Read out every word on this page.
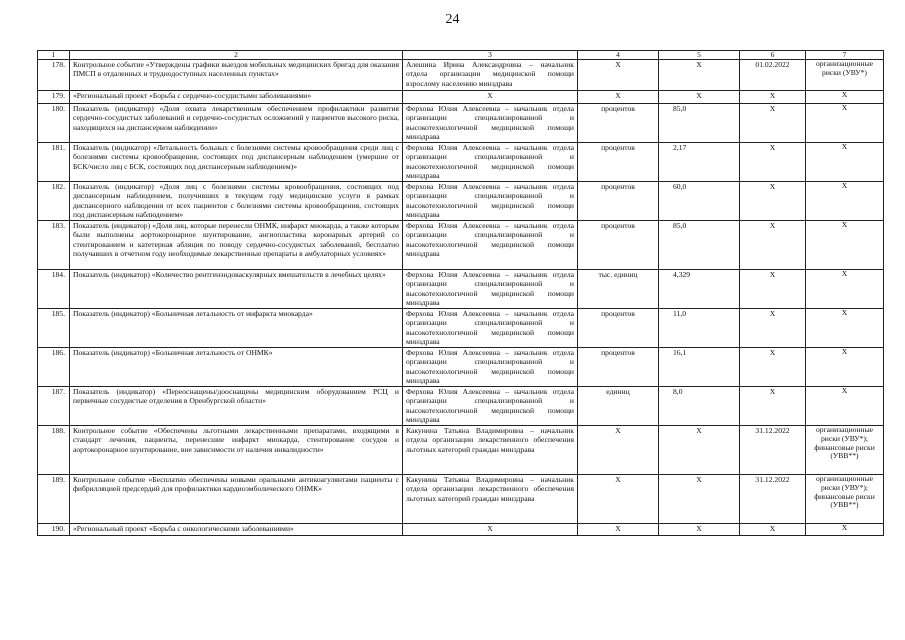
24
1	2	3	4	5	6	7
178.	Контрольное событие «Утверждены графики выездов мобильных медицинских бригад для оказания ПМСП в отдаленных и труднодоступных населенных пунктах»	Алешина Ирина Александровна – начальник отдела организации медицинской помощи взрослому населению минздрава	X	X	01.02.2022	организационные риски (УВУ*)
179.	«Региональный проект «Борьба с сердечно-сосудистыми заболеваниями»	X	X	X	X	X
180.	Показатель (индикатор) «Доля охвата лекарственным обеспечением профилактики развития сердечно-сосудистых заболеваний и сердечно-сосудистых осложнений у пациентов высокого риска, находящихся на диспансерном наблюдении»	Ферхова Юлия Алексеевна – начальник отдела организации специализированной и высокотехнологичной медицинской помощи минздрава	процентов	85,0	X	X
181.	Показатель (индикатор) «Летальность больных с болезнями системы кровообращения среди лиц с болезнями системы кровообращения, состоящих под диспансерным наблюдением (умершие от БСК/число лиц с БСК, состоящих под диспансерным наблюдением)»	Ферхова Юлия Алексеевна – начальник отдела организации специализированной и высокотехнологичной медицинской помощи минздрава	процентов	2,17	X	X
182.	Показатель (индикатор) «Доля лиц с болезнями системы кровообращения, состоящих под диспансерным наблюдением, получивших в текущем году медицинские услуги в рамках диспансерного наблюдения от всех пациентов с болезнями системы кровообращения, состоящих под диспансерным наблюдением»	Ферхова Юлия Алексеевна – начальник отдела организации специализированной и высокотехнологичной медицинской помощи минздрава	процентов	60,0	X	X
183.	Показатель (индикатор) «Доля лиц, которые перенесли ОНМК, инфаркт миокарда, а также которым были выполнены аортокоронарное шунтирование, ангиопластика коронарных артерий со стентированием и катетерная абляция по поводу сердечно-сосудистых заболеваний, бесплатно получавших в отчетном году необходимые лекарственные препараты в амбулаторных условиях»	Ферхова Юлия Алексеевна – начальник отдела организации специализированной и высокотехнологичной медицинской помощи минздрава	процентов	85,0	X	X
184.	Показатель (индикатор) «Количество рентгенэндоваскулярных вмешательств в лечебных целях»	Ферхова Юлия Алексеевна – начальник отдела организации специализированной и высокотехнологичной медицинской помощи минздрава	тыс. единиц	4,329	X	X
185.	Показатель (индикатор) «Больничная летальность от инфаркта миокарда»	Ферхова Юлия Алексеевна – начальник отдела организации специализированной и высокотехнологичной медицинской помощи минздрава	процентов	11,0	X	X
186.	Показатель (индикатор) «Больничная летальность от ОНМК»	Ферхова Юлия Алексеевна – начальник отдела организации специализированной и высокотехнологичной медицинской помощи минздрава	процентов	16,1	X	X
187.	Показатель (индикатор) «Переоснащены/дооснащены медицинским оборудованием РСЦ и первичные сосудистые отделения в Оренбургской области»	Ферхова Юлия Алексеевна – начальник отдела организации специализированной и высокотехнологичной медицинской помощи минздрава	единиц	8,0	X	X
188.	Контрольное событие «Обеспечены льготными лекарственными препаратами, входящими в стандарт лечения, пациенты, перенесшие инфаркт миокарда, стентирование сосудов и аортокоронарное шунтирование, вне зависимости от наличия инвалидности»	Какунина Татьяна Владимировна – начальник отдела организации лекарственного обеспечения льготных категорий граждан минздрава	X	X	31.12.2022	организационные риски (УВУ*); финансовые риски (УВВ**)
189.	Контрольное событие «Бесплатно обеспечены новыми оральными антикоагулянтами пациенты с фибрилляцией предсердий для профилактики кардиоэмболического ОНМК»	Какунина Татьяна Владимировна – начальник отдела организации лекарственного обеспечения льготных категорий граждан минздрава	X	X	31.12.2022	организационные риски (УВУ*); финансовые риски (УВВ**)
190.	«Региональный проект «Борьба с онкологическими заболеваниями»	X	X	X	X	X
